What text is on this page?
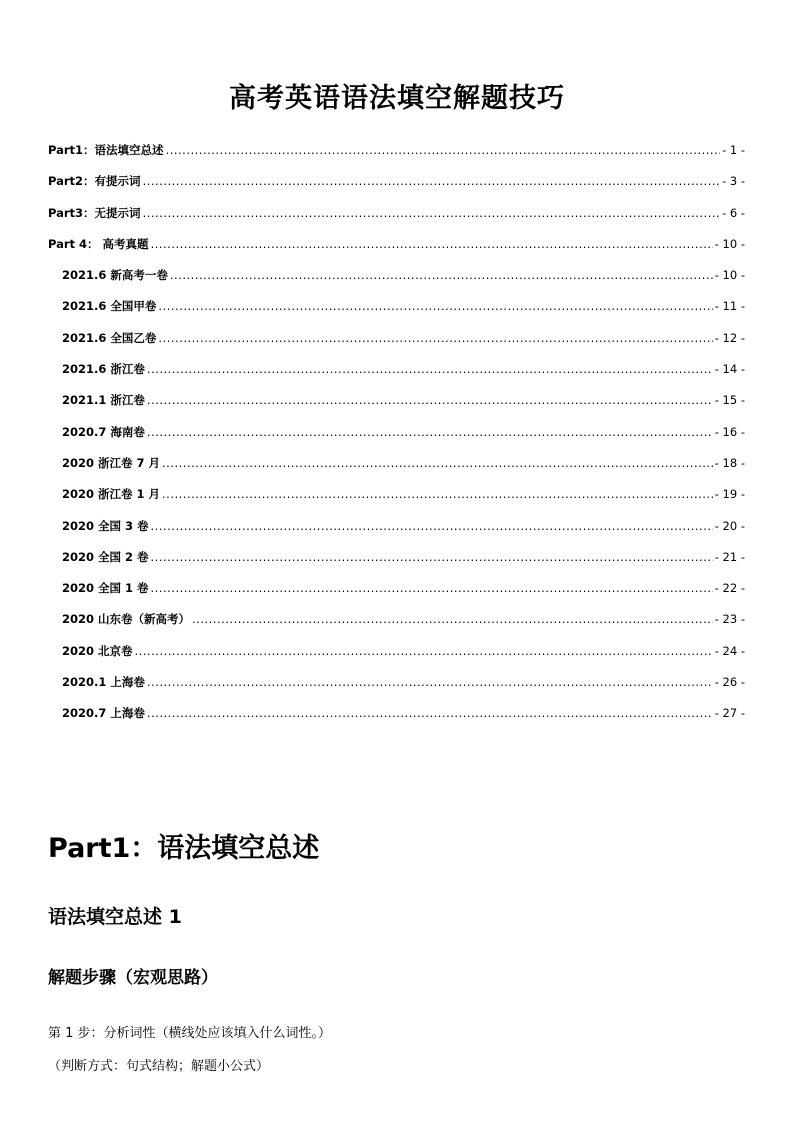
高考英语语法填空解题技巧
Part1：语法填空总述 .....	- 1 -
Part2：有提示词 .....	- 3 -
Part3：无提示词 .....	- 6 -
Part 4： 高考真题 .....	- 10 -
2021.6 新高考一卷 .....	- 10 -
2021.6 全国甲卷 .....	- 11 -
2021.6 全国乙卷 .....	- 12 -
2021.6 浙江卷 .....	- 14 -
2021.1 浙江卷 .....	- 15 -
2020.7 海南卷 .....	- 16 -
2020 浙江卷 7 月 .....	- 18 -
2020 浙江卷 1 月 .....	- 19 -
2020 全国 3 卷 .....	- 20 -
2020 全国 2 卷 .....	- 21 -
2020 全国 1 卷 .....	- 22 -
2020 山东卷（新高考） .....	- 23 -
2020 北京卷 .....	- 24 -
2020.1 上海卷 .....	- 26 -
2020.7 上海卷 .....	- 27 -
Part1：语法填空总述
语法填空总述 1
解题步骤（宏观思路）
第 1 步：分析词性（横线处应该填入什么词性。）
（判断方式：句式结构；解题小公式）
